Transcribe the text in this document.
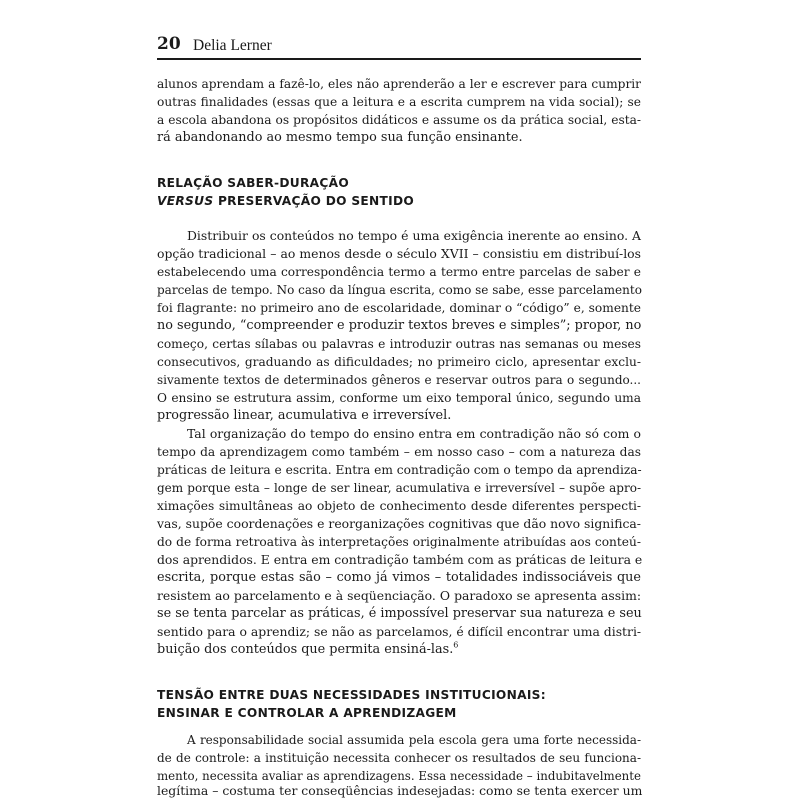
20 Delia Lerner
alunos aprendam a fazê-lo, eles não aprenderão a ler e escrever para cumprir
outras finalidades (essas que a leitura e a escrita cumprem na vida social); se
a escola abandona os propósitos didáticos e assume os da prática social, esta-
rá abandonando ao mesmo tempo sua função ensinante.
RELAÇÃO SABER-DURAÇÃO
VERSUS PRESERVAÇÃO DO SENTIDO
Distribuir os conteúdos no tempo é uma exigência inerente ao ensino. A
opção tradicional – ao menos desde o século XVII – consistiu em distribuí-los
estabelecendo uma correspondência termo a termo entre parcelas de saber e
parcelas de tempo. No caso da língua escrita, como se sabe, esse parcelamento
foi flagrante: no primeiro ano de escolaridade, dominar o “código” e, somente
no segundo, “compreender e produzir textos breves e simples”; propor, no
começo, certas sílabas ou palavras e introduzir outras nas semanas ou meses
consecutivos, graduando as dificuldades; no primeiro ciclo, apresentar exclu-
sivamente textos de determinados gêneros e reservar outros para o segundo...
O ensino se estrutura assim, conforme um eixo temporal único, segundo uma
progressão linear, acumulativa e irreversível.
Tal organização do tempo do ensino entra em contradição não só com o
tempo da aprendizagem como também – em nosso caso – com a natureza das
práticas de leitura e escrita. Entra em contradição com o tempo da aprendiza-
gem porque esta – longe de ser linear, acumulativa e irreversível – supõe apro-
ximações simultâneas ao objeto de conhecimento desde diferentes perspecti-
vas, supõe coordenações e reorganizações cognitivas que dão novo significa-
do de forma retroativa às interpretações originalmente atribuídas aos conteú-
dos aprendidos. E entra em contradição também com as práticas de leitura e
escrita, porque estas são – como já vimos – totalidades indissociáveis que
resistem ao parcelamento e à seqüenciação. O paradoxo se apresenta assim:
se se tenta parcelar as práticas, é impossível preservar sua natureza e seu
sentido para o aprendiz; se não as parcelamos, é difícil encontrar uma distri-
buição dos conteúdos que permita ensiná-las.$^6$
TENSÃO ENTRE DUAS NECESSIDADES INSTITUCIONAIS:
ENSINAR E CONTROLAR A APRENDIZAGEM
A responsabilidade social assumida pela escola gera uma forte necessida-
de de controle: a instituição necessita conhecer os resultados de seu funciona-
mento, necessita avaliar as aprendizagens. Essa necessidade – indubitavelmente
legítima – costuma ter conseqüências indesejadas: como se tenta exercer um
